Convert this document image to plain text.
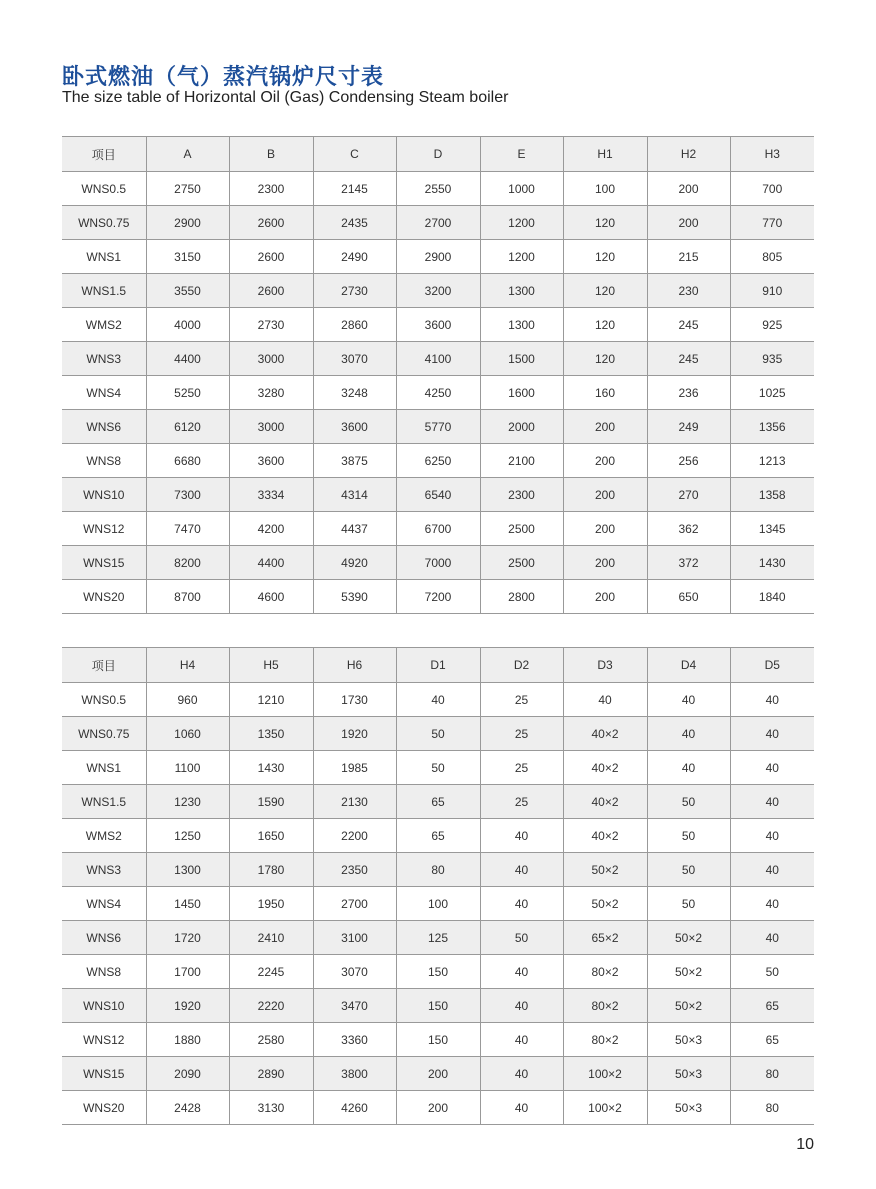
卧式燃油（气）蒸汽锅炉尺寸表
The size table of Horizontal Oil (Gas) Condensing Steam boiler
项目	A	B	C	D	E	H1	H2	H3
WNS0.5	2750	2300	2145	2550	1000	100	200	700
WNS0.75	2900	2600	2435	2700	1200	120	200	770
WNS1	3150	2600	2490	2900	1200	120	215	805
WNS1.5	3550	2600	2730	3200	1300	120	230	910
WMS2	4000	2730	2860	3600	1300	120	245	925
WNS3	4400	3000	3070	4100	1500	120	245	935
WNS4	5250	3280	3248	4250	1600	160	236	1025
WNS6	6120	3000	3600	5770	2000	200	249	1356
WNS8	6680	3600	3875	6250	2100	200	256	1213
WNS10	7300	3334	4314	6540	2300	200	270	1358
WNS12	7470	4200	4437	6700	2500	200	362	1345
WNS15	8200	4400	4920	7000	2500	200	372	1430
WNS20	8700	4600	5390	7200	2800	200	650	1840
项目	H4	H5	H6	D1	D2	D3	D4	D5
WNS0.5	960	1210	1730	40	25	40	40	40
WNS0.75	1060	1350	1920	50	25	40×2	40	40
WNS1	1100	1430	1985	50	25	40×2	40	40
WNS1.5	1230	1590	2130	65	25	40×2	50	40
WMS2	1250	1650	2200	65	40	40×2	50	40
WNS3	1300	1780	2350	80	40	50×2	50	40
WNS4	1450	1950	2700	100	40	50×2	50	40
WNS6	1720	2410	3100	125	50	65×2	50×2	40
WNS8	1700	2245	3070	150	40	80×2	50×2	50
WNS10	1920	2220	3470	150	40	80×2	50×2	65
WNS12	1880	2580	3360	150	40	80×2	50×3	65
WNS15	2090	2890	3800	200	40	100×2	50×3	80
WNS20	2428	3130	4260	200	40	100×2	50×3	80
10
